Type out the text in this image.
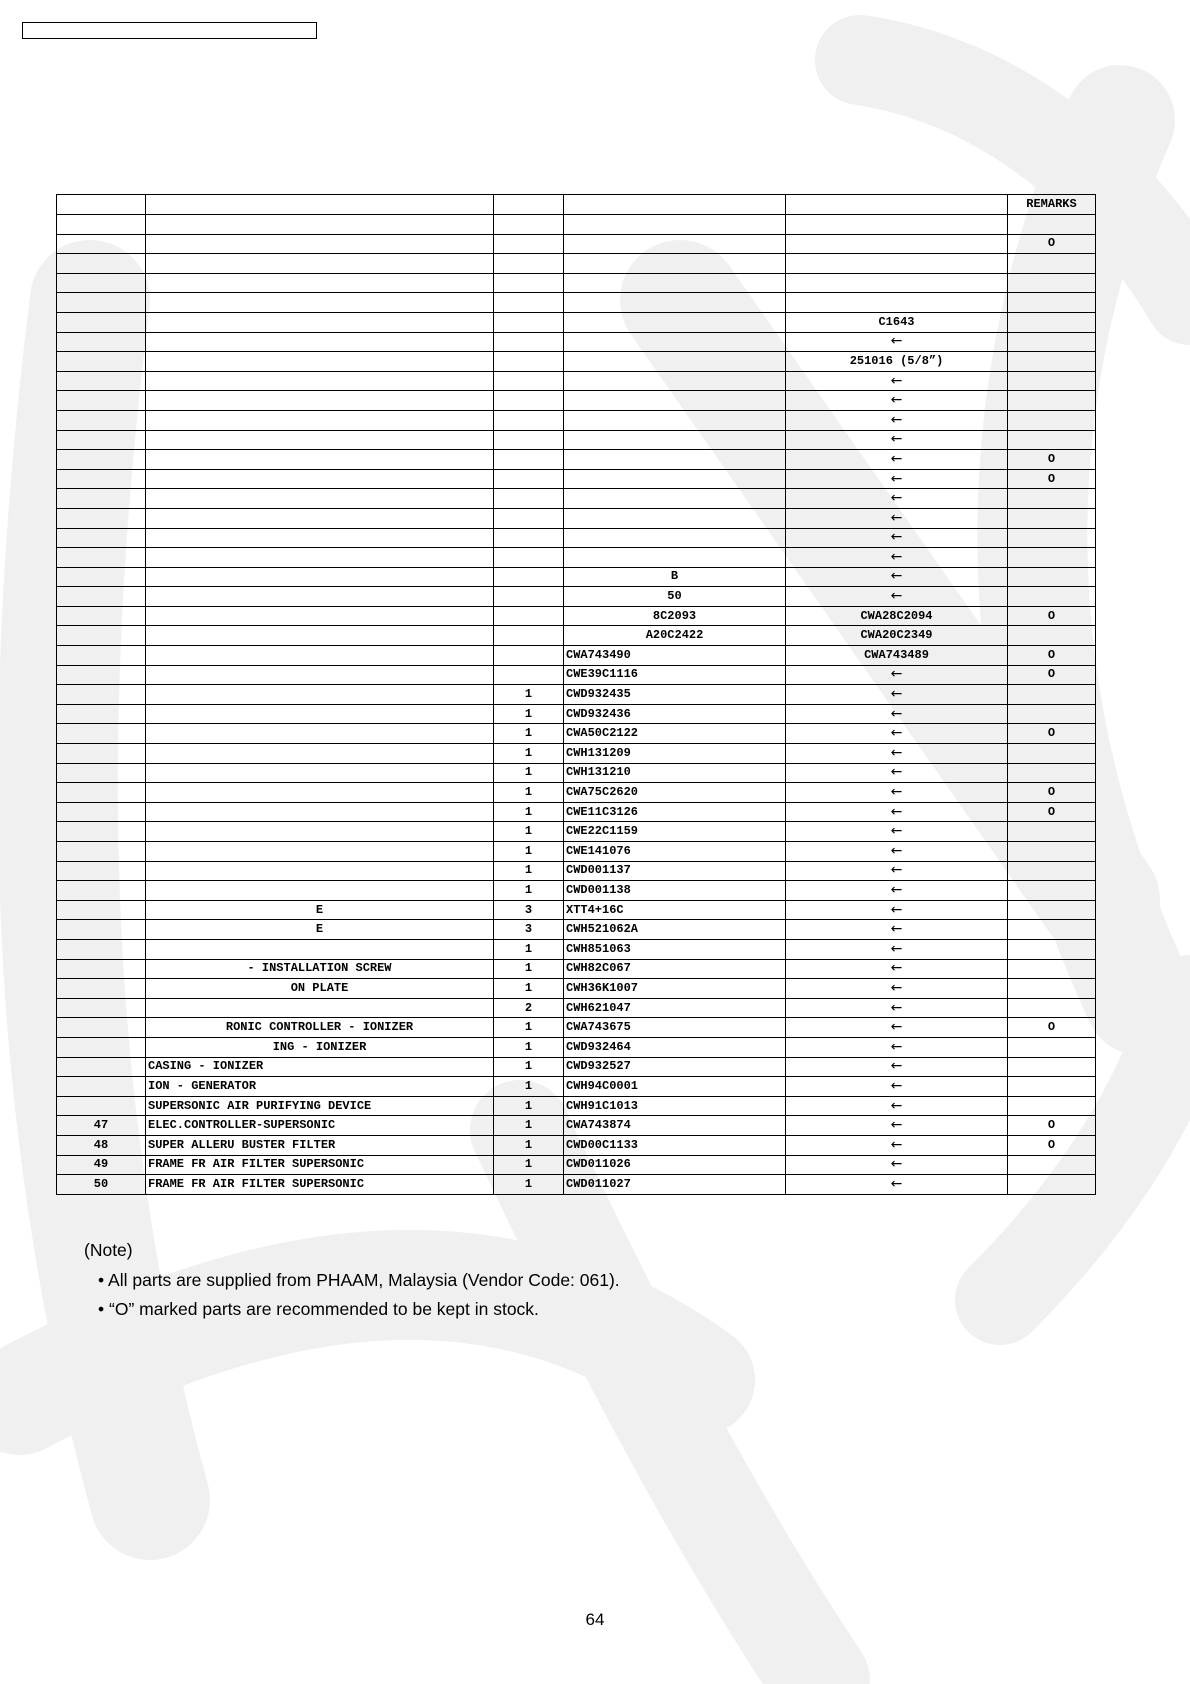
					REMARKS

					O

				C1643	
				←	
				251016 (5/8”)	
				←	
				←	
				←	
				←	
				←	O
				←	O
				←	
				←	
				←	
				←	
			B	←	
			50	←	
			8C2093	CWA28C2094	O
			A20C2422	CWA20C2349	
			CWA743490	CWA743489	O
			CWE39C1116	←	O
		1	CWD932435	←	
		1	CWD932436	←	
		1	CWA50C2122	←	O
		1	CWH131209	←	
		1	CWH131210	←	
		1	CWA75C2620	←	O
		1	CWE11C3126	←	O
		1	CWE22C1159	←	
		1	CWE141076	←	
		1	CWD001137	←	
		1	CWD001138	←	
	E	3	XTT4+16C	←	
	E	3	CWH521062A	←	
		1	CWH851063	←	
	- INSTALLATION SCREW	1	CWH82C067	←	
	ON PLATE	1	CWH36K1007	←	
		2	CWH621047	←	
	RONIC CONTROLLER - IONIZER	1	CWA743675	←	O
	ING - IONIZER	1	CWD932464	←	
	CASING - IONIZER	1	CWD932527	←	
	ION - GENERATOR	1	CWH94C0001	←	
	SUPERSONIC AIR PURIFYING DEVICE	1	CWH91C1013	←	
47	ELEC.CONTROLLER-SUPERSONIC	1	CWA743874	←	O
48	SUPER ALLERU BUSTER FILTER	1	CWD00C1133	←	O
49	FRAME FR AIR FILTER SUPERSONIC	1	CWD011026	←	
50	FRAME FR AIR FILTER SUPERSONIC	1	CWD011027	←	
(Note)
• All parts are supplied from PHAAM, Malaysia (Vendor Code: 061).
• “O” marked parts are recommended to be kept in stock.
64
